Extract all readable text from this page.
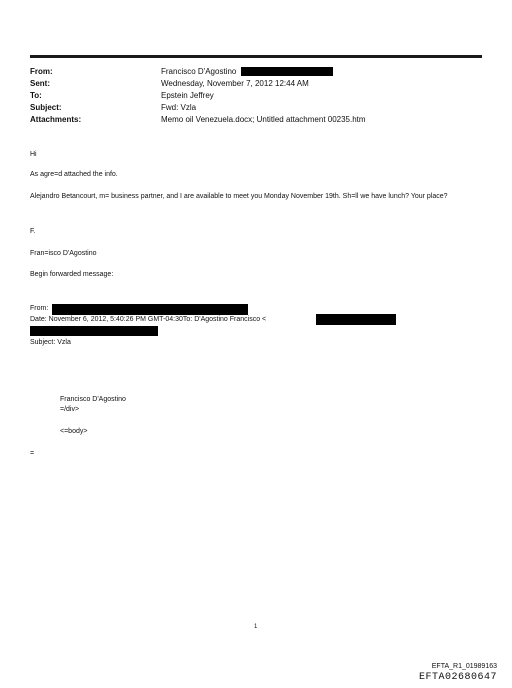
From:	Francisco D'Agostino
Sent:	Wednesday, November 7, 2012 12:44 AM
To:	Epstein Jeffrey
Subject:	Fwd: Vzla
Attachments:	Memo oil Venezuela.docx; Untitled attachment 00235.htm
Hi
As agre=d attached the info.
Alejandro Betancourt, m= business partner, and I are available to meet you Monday November 19th. Sh=ll we have lunch? Your place?
F.
Fran=isco D'Agostino
Begin forwarded message:
From:
Date: November 6, 2012, 5:40:26 PM GMT-04:30To: D'Agostino Francisco <
Subject: Vzla
Francisco D'Agostino
=/div>
<=body>
=
1
EFTA_R1_01989163
EFTA02680647
